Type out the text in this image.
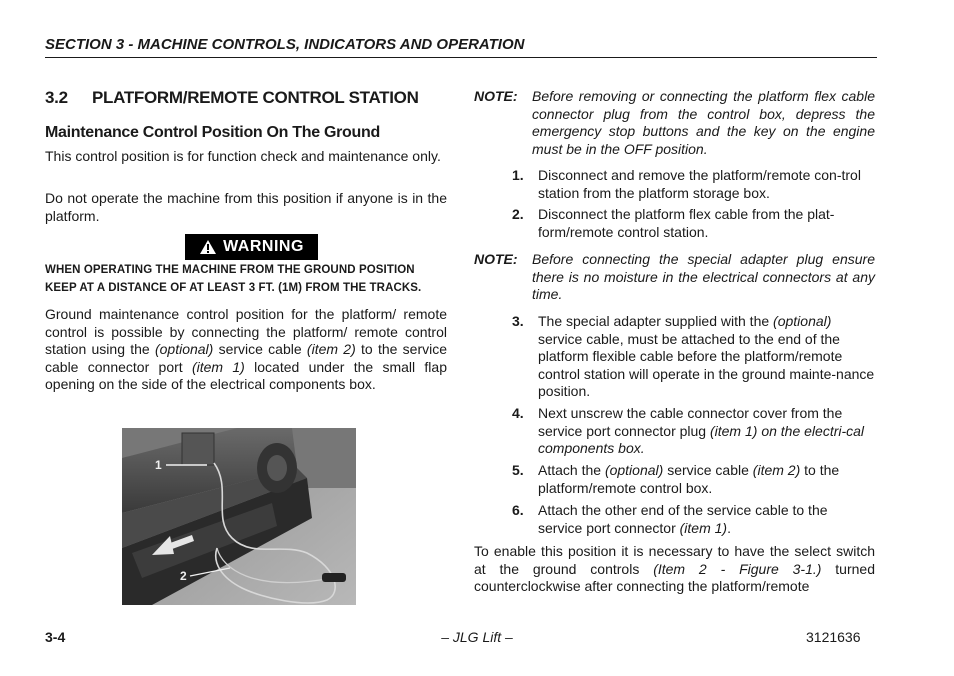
SECTION 3 - MACHINE CONTROLS, INDICATORS AND OPERATION
3.2 PLATFORM/REMOTE CONTROL STATION
Maintenance Control Position On The Ground
This control position is for function check and maintenance only.
Do not operate the machine from this position if anyone is in the platform.
WARNING
WHEN OPERATING THE MACHINE FROM THE GROUND POSITION KEEP AT A DISTANCE OF AT LEAST 3 FT. (1M) FROM THE TRACKS.
Ground maintenance control position for the platform/ remote control is possible by connecting the platform/ remote control station using the (optional) service cable (item 2) to the service cable connector port (item 1) located under the small flap opening on the side of the electrical components box.
1
2
NOTE: Before removing or connecting the platform flex cable connector plug from the control box, depress the emergency stop buttons and the key on the engine must be in the OFF position.
1. Disconnect and remove the platform/remote con-trol station from the platform storage box.
2. Disconnect the platform flex cable from the plat-form/remote control station.
NOTE: Before connecting the special adapter plug ensure there is no moisture in the electrical connectors at any time.
3. The special adapter supplied with the (optional) service cable, must be attached to the end of the platform flexible cable before the platform/remote control station will operate in the ground mainte-nance position.
4. Next unscrew the cable connector cover from the service port connector plug (item 1) on the electri-cal components box.
5. Attach the (optional) service cable (item 2) to the platform/remote control box.
6. Attach the other end of the service cable to the service port connector (item 1).
To enable this position it is necessary to have the select switch at the ground controls (Item 2 - Figure 3-1.) turned counterclockwise after connecting the platform/remote
3-4	– JLG Lift –	3121636
